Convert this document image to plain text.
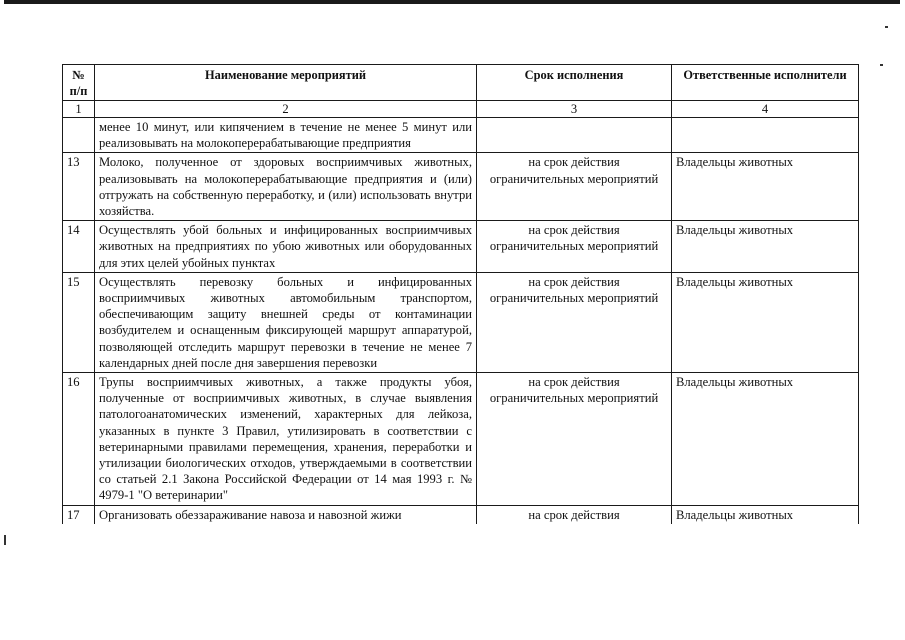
№ п/п	Наименование мероприятий	Срок исполнения	Ответственные исполнители
1	2	3	4
	менее 10 минут, или кипячением в течение не менее 5 минут или реализовывать на молокоперерабатывающие предприятия		
13	Молоко, полученное от здоровых восприимчивых животных, реализовывать на молокоперерабатывающие предприятия и (или) отгружать на собственную переработку, и (или) использовать внутри хозяйства.	на срок действия ограничительных мероприятий	Владельцы животных
14	Осуществлять убой больных и инфицированных восприимчивых животных на предприятиях по убою животных или оборудованных для этих целей убойных пунктах	на срок действия ограничительных мероприятий	Владельцы животных
15	Осуществлять перевозку больных и инфицированных восприимчивых животных автомобильным транспортом, обеспечивающим защиту внешней среды от контаминации возбудителем и оснащенным фиксирующей маршрут аппаратурой, позволяющей отследить маршрут перевозки в течение не менее 7 календарных дней после дня завершения перевозки	на срок действия ограничительных мероприятий	Владельцы животных
16	Трупы восприимчивых животных, а также продукты убоя, полученные от восприимчивых животных, в случае выявления патологоанатомических изменений, характерных для лейкоза, указанных в пункте 3 Правил, утилизировать в соответствии с ветеринарными правилами перемещения, хранения, переработки и утилизации биологических отходов, утверждаемыми в соответствии со статьей 2.1 Закона Российской Федерации от 14 мая 1993 г. № 4979-1 "О ветеринарии"	на срок действия ограничительных мероприятий	Владельцы животных
17	Организовать обеззараживание навоза и навозной жижи	на срок действия	Владельцы животных
